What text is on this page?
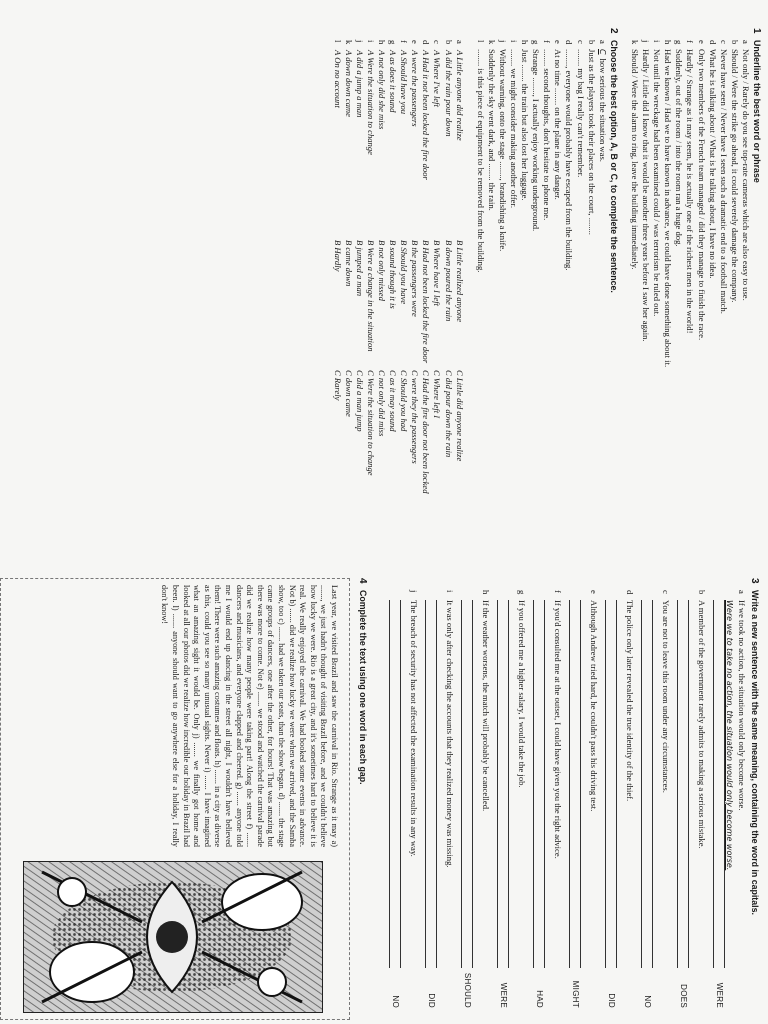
1
Underline the best word or phrase
aNot only / Rarely do you see top-rate cameras which are also easy to use.
bShould / Were the strike go ahead, it could severely damage the company.
cNever have seen / Never have I seen such a dramatic end to a football match.
dWhat he is talking about / What is he talking about, I have no idea.
eOnly two members of the French team managed / did they manage to finish the race.
fHardly / Strange as it may seem, he is actually one of the richest men in the world!
gSuddenly, out of the room / into the room ran a huge dog.
hHad we known / Had we to have known in advance, we could have done something about it.
iNot until the wreckage had been examined could / was terrorism be ruled out.
jHardly / Little did I know that it would be another three years before I saw her again.
kShould / Were the alarm to ring, leave the building immediately.
2
Choose the best option, A, B or C, to complete the sentence.
aChow serious the situation was.
bJust as the players took their places on the court, ........
c........ my bag I really can't remember.
d........, everyone would probably have escaped from the building.
eAt no time ........ on the plane in any danger.
f........ second thoughts, don't hesitate to phone me.
gStrange ........, I actually enjoy working underground.
hJust ........ the train but also lost her luggage.
i........ we might consider making another offer.
jWithout warning, onto the stage ........, brandishing a knife.
kSuddenly the sky went dark, and ........ the rain.
l........ is this piece of equipment to be removed from the building.
a
A Little anyone did realize
B Little realized anyone
C Little did anyone realize
b
A did the rain pour down
B down poured the rain
C did pour down the rain
c
A Where I've left
B Where have I left
C Where left I
d
A Had it not been locked the fire door
B Had not been locked the fire door
C Had the fire door not been locked
e
A were the passengers
B the passengers were
C were they the passengers
f
A Should have you
B Should you have
C Should you had
g
A as does it sound
B sound though it is
C as it may sound
h
A not only did she miss
B not only missed
C not only did miss
i
A Were the situation to change
B Were a change in the situation
C Were the situation to change
j
A did a jump a man
B jumped a man
C did a man jump
k
A down down came
B came down
C down came
l
A On no account
B Hardly
C Rarely
3
Write a new sentence with the same meaning, containing the word in capitals.
a
If we took no action, the situation would only become worse.
Were we to take no action, the situation would only become worse.
WERE
b
A member of the government rarely admits to making a serious mistake.
DOES
c
You are not to leave this room under any circumstances.
NO
d
The police only later revealed the true identity of the thief.
DID
e
Although Andrew tried hard, he couldn't pass his driving test.
MIGHT
f
If you'd consulted me at the outset, I could have given you the right advice.
HAD
g
If you offered me a higher salary, I would take the job.
WERE
h
If the weather worsens, the match will probably be cancelled.
SHOULD
i
It was only after checking the accounts that they realized money was missing.
DID
j
The breach of security has not affected the examination results in any way.
NO
4
Complete the text using one word in each gap.
Last year, we visited Brazil and saw the carnival in Rio. Strange as it may a) ......., we just hadn't thought of visiting Brazil before, and we couldn't believe how lucky we were. Rio is a great city, and it's sometimes hard to believe it is real. We really enjoyed the carnival. We had booked some events in advance. Not b) ....... did we realize how lucky we were when we arrived, and the Samba show, too c) ....... had we taken our seats, than the show began. d) ....... the stage came groups of dancers, one after the other, for hours! That was amazing but there was more to come. Not e) ....... we stood and watched the carnival parade did we realize how many people were taking part! Along the street f) ....... dancers and musicians, and everyone clapped and cheered. g) ....... anyone told me I would end up dancing in the street all night, I wouldn't have believed them! There were such amazing costumes and floats. h) ....... in a city as diverse as this, could you see so many unusual sights. Never i) ....... I have imagined what an amazing sight it would be. Only j) ....... we finally got home and looked at all our photos did we realize how incredible our holiday in Brazil had been. l) ....... anyone should want to go anywhere else for a holiday, I really don't know!
